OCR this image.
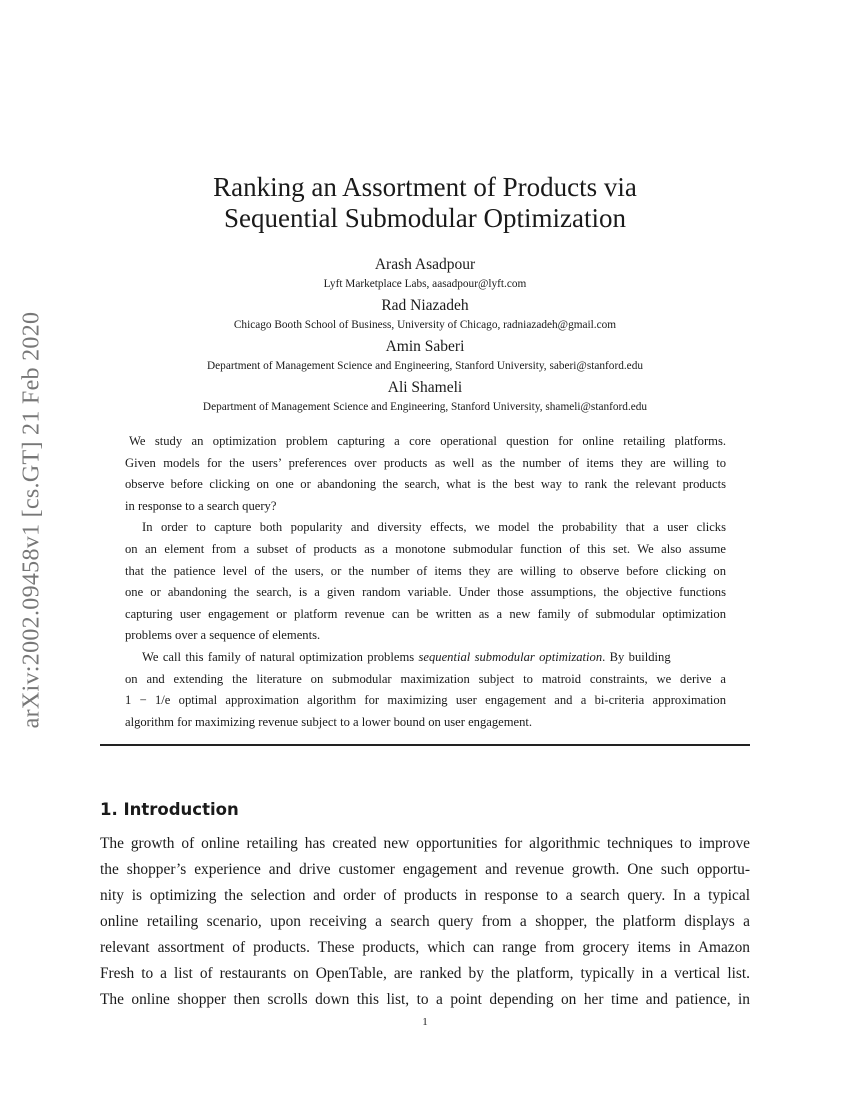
arXiv:2002.09458v1 [cs.GT] 21 Feb 2020
Ranking an Assortment of Products via
Sequential Submodular Optimization
Arash Asadpour
Lyft Marketplace Labs, aasadpour@lyft.com
Rad Niazadeh
Chicago Booth School of Business, University of Chicago, radniazadeh@gmail.com
Amin Saberi
Department of Management Science and Engineering, Stanford University, saberi@stanford.edu
Ali Shameli
Department of Management Science and Engineering, Stanford University, shameli@stanford.edu
We study an optimization problem capturing a core operational question for online retailing platforms.
Given models for the users’ preferences over products as well as the number of items they are willing to
observe before clicking on one or abandoning the search, what is the best way to rank the relevant products
in response to a search query?
In order to capture both popularity and diversity effects, we model the probability that a user clicks
on an element from a subset of products as a monotone submodular function of this set. We also assume
that the patience level of the users, or the number of items they are willing to observe before clicking on
one or abandoning the search, is a given random variable. Under those assumptions, the objective functions
capturing user engagement or platform revenue can be written as a new family of submodular optimization
problems over a sequence of elements.
We call this family of natural optimization problems sequential submodular optimization. By building
on and extending the literature on submodular maximization subject to matroid constraints, we derive a
1 − 1/e optimal approximation algorithm for maximizing user engagement and a bi-criteria approximation
algorithm for maximizing revenue subject to a lower bound on user engagement.
1. Introduction
The growth of online retailing has created new opportunities for algorithmic techniques to improve
the shopper’s experience and drive customer engagement and revenue growth. One such opportu-
nity is optimizing the selection and order of products in response to a search query. In a typical
online retailing scenario, upon receiving a search query from a shopper, the platform displays a
relevant assortment of products. These products, which can range from grocery items in Amazon
Fresh to a list of restaurants on OpenTable, are ranked by the platform, typically in a vertical list.
The online shopper then scrolls down this list, to a point depending on her time and patience, in
1
